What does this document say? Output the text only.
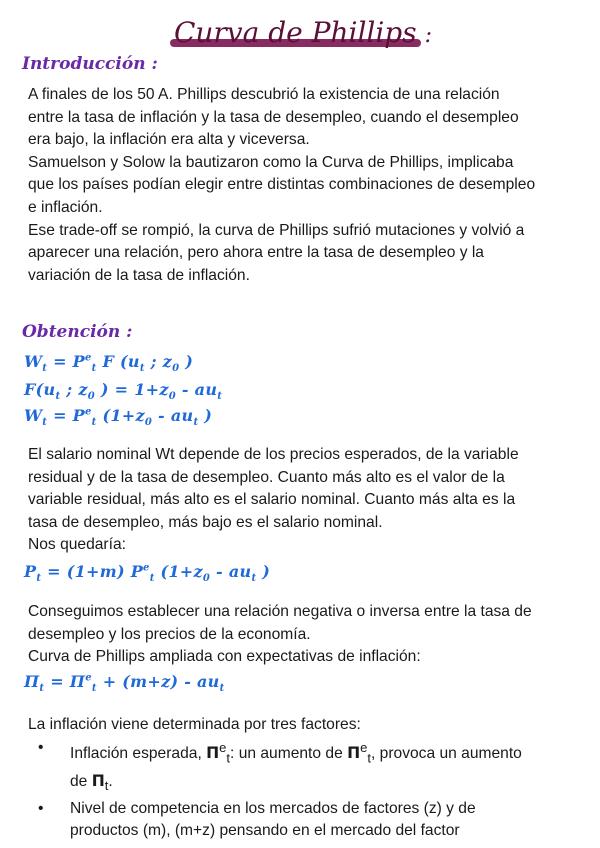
Curva de Phillips :
Introducción :

A finales de los 50 A. Phillips descubrió la existencia de una relación

entre la tasa de inflación y la tasa de desempleo, cuando el desempleo

era bajo, la inflación era alta y viceversa.

Samuelson y Solow la bautizaron como la Curva de Phillips, implicaba

que los países podían elegir entre distintas combinaciones de desempleo

e inflación.

Ese trade-off se rompió, la curva de Phillips sufrió mutaciones y volvió a

aparecer una relación, pero ahora entre la tasa de desempleo y la

variación de la tasa de inflación.

Obtención :
$W_t = P^e_t$ F ($u_t$ ; $z_0$ )
$F(u_t$ ; $z_0$ ) = $1+z_0 - au_t$
$W_t = P^e_t$ ($1+z_0 - au_t$ )

El salario nominal Wt depende de los precios esperados, de la variable

residual y de la tasa de desempleo. Cuanto más alto es el valor de la

variable residual, más alto es el salario nominal. Cuanto más alta es la

tasa de desempleo, más bajo es el salario nominal.

Nos quedaría:

$P_t = (1+m)$ $P^e_t$ ($1+z_0 - au_t$ )

Conseguimos establecer una relación negativa o inversa entre la tasa de

desempleo y los precios de la economía.

Curva de Phillips ampliada con expectativas de inflación:

$\Pi_t = \Pi^e_t + (m+z) - au_t$

La inflación viene determinada por tres factores:

• Inflación esperada, $\Pi^e_t$: un aumento de $\Pi^e_t$, provoca un aumento
de $\Pi_t$.
• Nivel de competencia en los mercados de factores (z) y de
productos (m), (m+z) pensando en el mercado del factor
